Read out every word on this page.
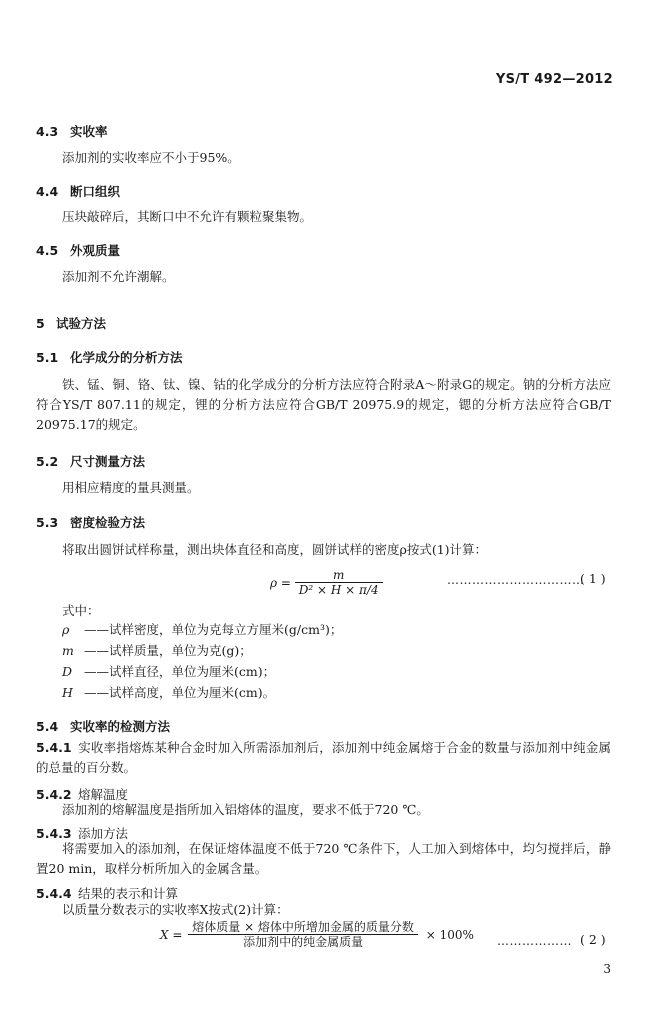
YS/T 492—2012
4.3 实收率
添加剂的实收率应不小于95%。
4.4 断口组织
压块敲碎后，其断口中不允许有颗粒聚集物。
4.5 外观质量
添加剂不允许潮解。
5 试验方法
5.1 化学成分的分析方法
铁、锰、铜、铬、钛、镍、钴的化学成分的分析方法应符合附录A～附录G的规定。钠的分析方法应符合YS/T 807.11的规定，锂的分析方法应符合GB/T 20975.9的规定，锶的分析方法应符合GB/T 20975.17的规定。
5.2 尺寸测量方法
用相应精度的量具测量。
5.3 密度检验方法
将取出圆饼试样称量，测出块体直径和高度，圆饼试样的密度ρ按式(1)计算：
$\rho = \frac{m}{\text{D² × H × π/4}}$	……………………………
( 1 )
式中：
ρ ——试样密度，单位为克每立方厘米(g/cm³)；
m ——试样质量，单位为克(g)；
D ——试样直径，单位为厘米(cm)；
H ——试样高度，单位为厘米(cm)。
5.4 实收率的检测方法
5.4.1 实收率指熔炼某种合金时加入所需添加剂后，添加剂中纯金属熔于合金的数量与添加剂中纯金属的总量的百分数。
5.4.2 熔解温度
添加剂的熔解温度是指所加入铝熔体的温度，要求不低于720 ℃。
5.4.3 添加方法
将需要加入的添加剂，在保证熔体温度不低于720 ℃条件下，人工加入到熔体中，均匀搅拌后，静置20 min，取样分析所加入的金属含量。
5.4.4 结果的表示和计算
以质量分数表示的实收率X按式(2)计算：
$X = \frac{\text{熔体质量 × 熔体中所增加金属的质量分数}}{\text{添加剂中的纯金属质量}} \times 100\%$ ……………… ( 2 )
3
